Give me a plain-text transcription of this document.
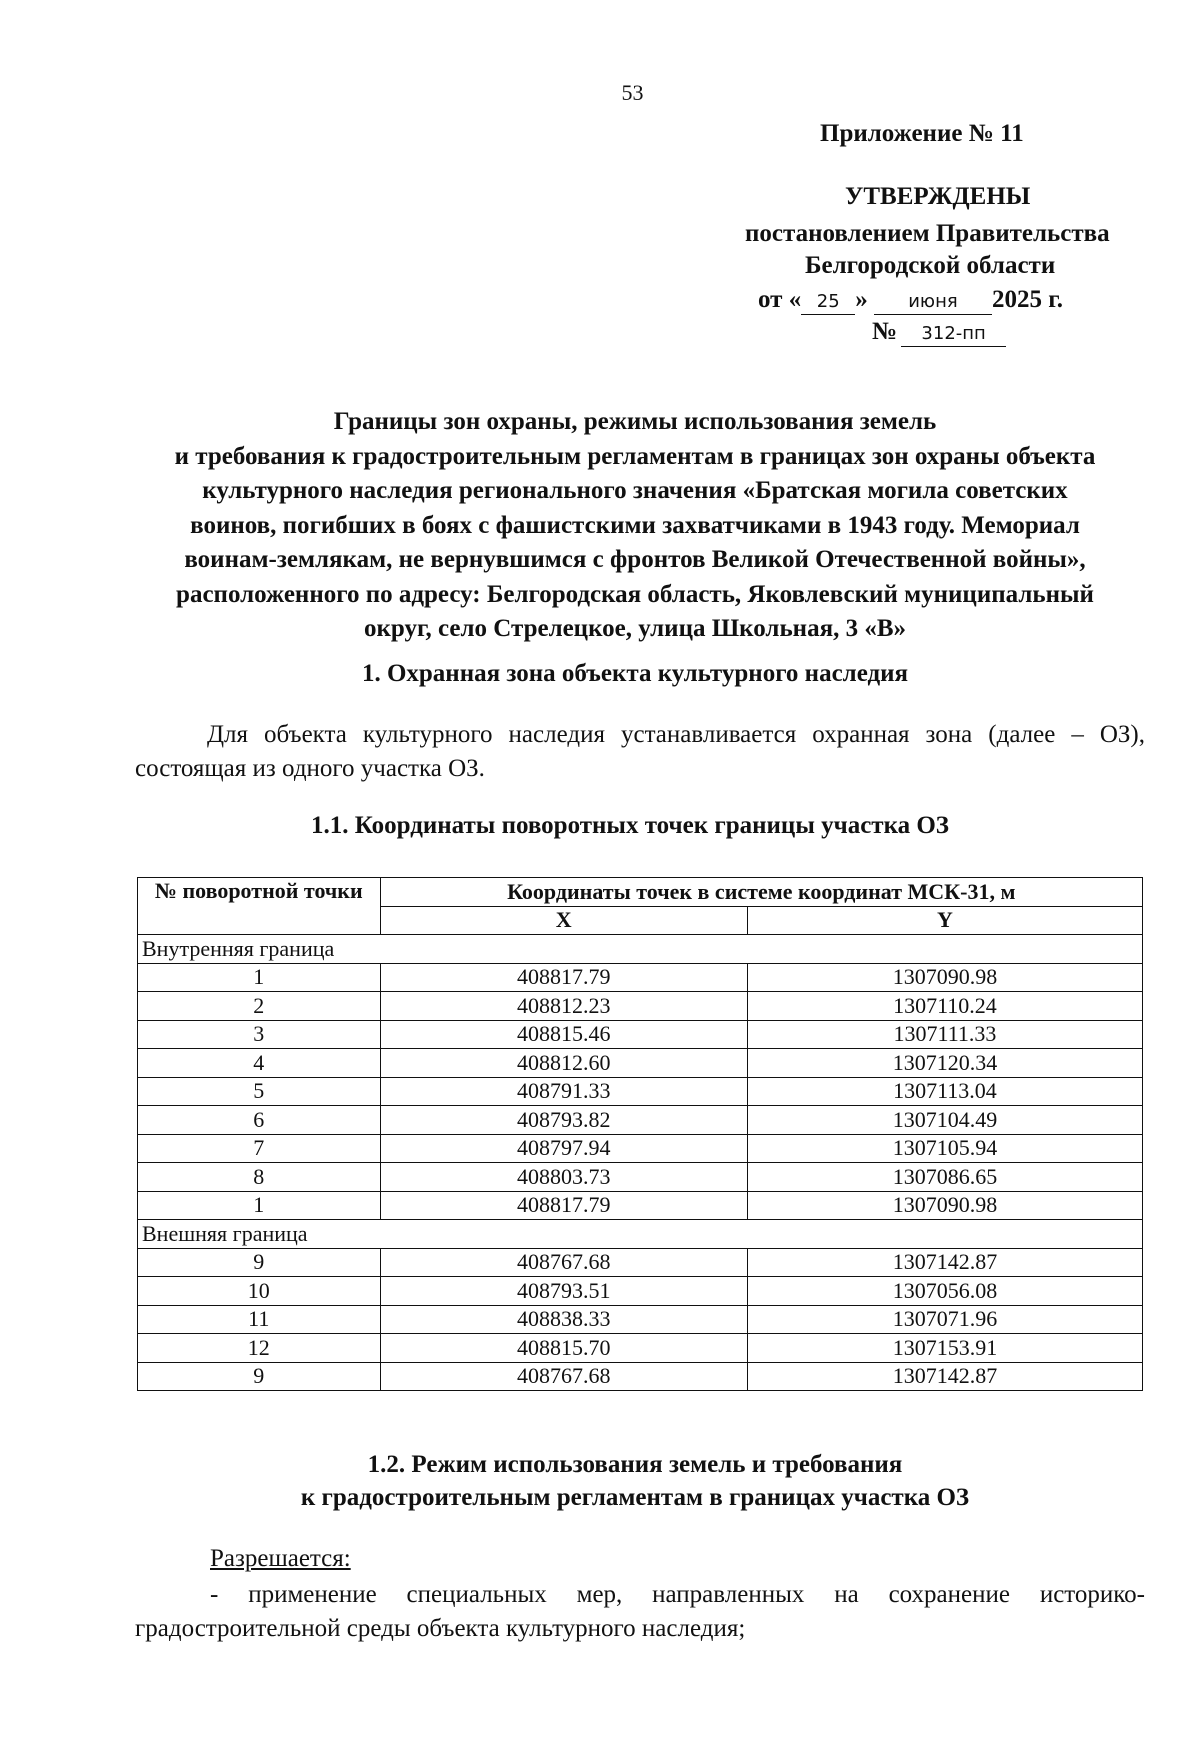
53
Приложение № 11
УТВЕРЖДЕНЫ
постановлением Правительства
Белгородской области
от « 25 » июня 2025 г.
№ 312-пп
Границы зон охраны, режимы использования земель
и требования к градостроительным регламентам в границах зон охраны объекта
культурного наследия регионального значения «Братская могила советских
воинов, погибших в боях с фашистскими захватчиками в 1943 году. Мемориал
воинам-землякам, не вернувшимся с фронтов Великой Отечественной войны»,
расположенного по адресу: Белгородская область, Яковлевский муниципальный
округ, село Стрелецкое, улица Школьная, 3 «В»
1. Охранная зона объекта культурного наследия
Для объекта культурного наследия устанавливается охранная зона (далее – ОЗ), состоящая из одного участка ОЗ.
1.1. Координаты поворотных точек границы участка ОЗ
№ поворотной точки	Координаты точек в системе координат МСК-31, м	
	X	Y
Внутренняя граница		
1	408817.79	1307090.98
2	408812.23	1307110.24
3	408815.46	1307111.33
4	408812.60	1307120.34
5	408791.33	1307113.04
6	408793.82	1307104.49
7	408797.94	1307105.94
8	408803.73	1307086.65
1	408817.79	1307090.98
Внешняя граница		
9	408767.68	1307142.87
10	408793.51	1307056.08
11	408838.33	1307071.96
12	408815.70	1307153.91
9	408767.68	1307142.87
1.2. Режим использования земель и требования
к градостроительным регламентам в границах участка ОЗ
Разрешается:
- применение специальных мер, направленных на сохранение историко-
градостроительной среды объекта культурного наследия;
